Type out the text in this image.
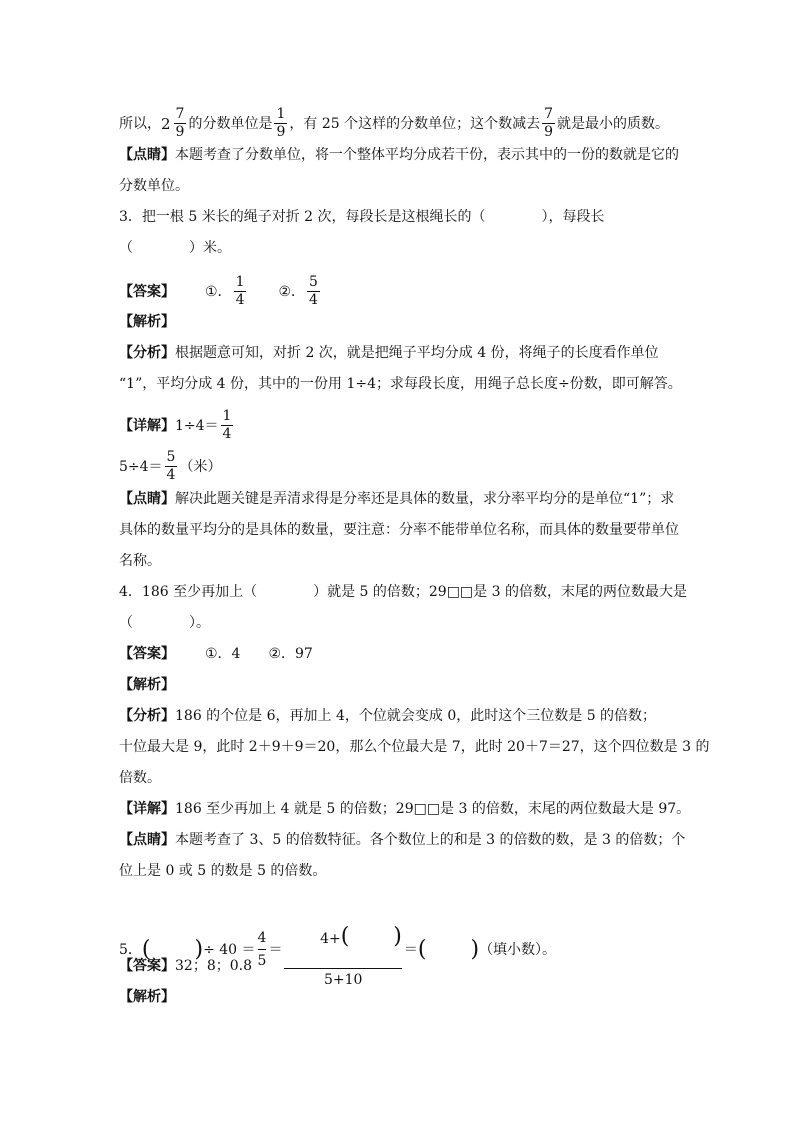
所以， 2
7
9
的分数单位是
1
9
，有 25 个这样的分数单位；这个数减去
7
9
就是最小的质数。
【点睛】 本题考查了分数单位，将一个整体平均分成若干份，表示其中的一份的数就是它的
分数单位。
3．把一根 5 米长的绳子对折 2 次，每段长是这根绳长的（　　　　），每段长
（　　　　）米。
【答案】 ①．
1
4
②．
5
4
【解析】
【分析】 根据题意可知，对折 2 次，就是把绳子平均分成 4 份，将绳子的长度看作单位
“1”，平均分成 4 份，其中的一份用 1÷4；求每段长度，用绳子总长度÷份数，即可解答。
【详解】 1÷4＝
1
4
5÷4＝
5
4
（米）
【点睛】 解决此题关键是弄清求得是分率还是具体的数量，求分率平均分的是单位“1”；求
具体的数量平均分的是具体的数量，要注意：分率不能带单位名称，而具体的数量要带单位
名称。
4．186 至少再加上（　　　　）就是 5 的倍数；29□□是 3 的倍数，末尾的两位数最大是
（　　　　）。
【答案】 ①．4　　②．97
【解析】
【分析】 186 的个位是 6，再加上 4，个位就会变成 0，此时这个三位数是 5 的倍数；
十位最大是 9，此时 2＋9＋9＝20，那么个位最大是 7，此时 20＋7＝27，这个四位数是 3 的
倍数。
【详解】 186 至少再加上 4 就是 5 的倍数；29□□是 3 的倍数，末尾的两位数最大是 97。
【点睛】 本题考查了 3、5 的倍数特征。各个数位上的和是 3 的倍数的数，是 3 的倍数；个
位上是 0 或 5 的数是 5 的倍数。
5． (　　) ÷ 40 ＝
4
5
＝

4+(　　)

5+10
＝ (　　) （填小数）。
【答案】 32；8；0.8
【解析】
